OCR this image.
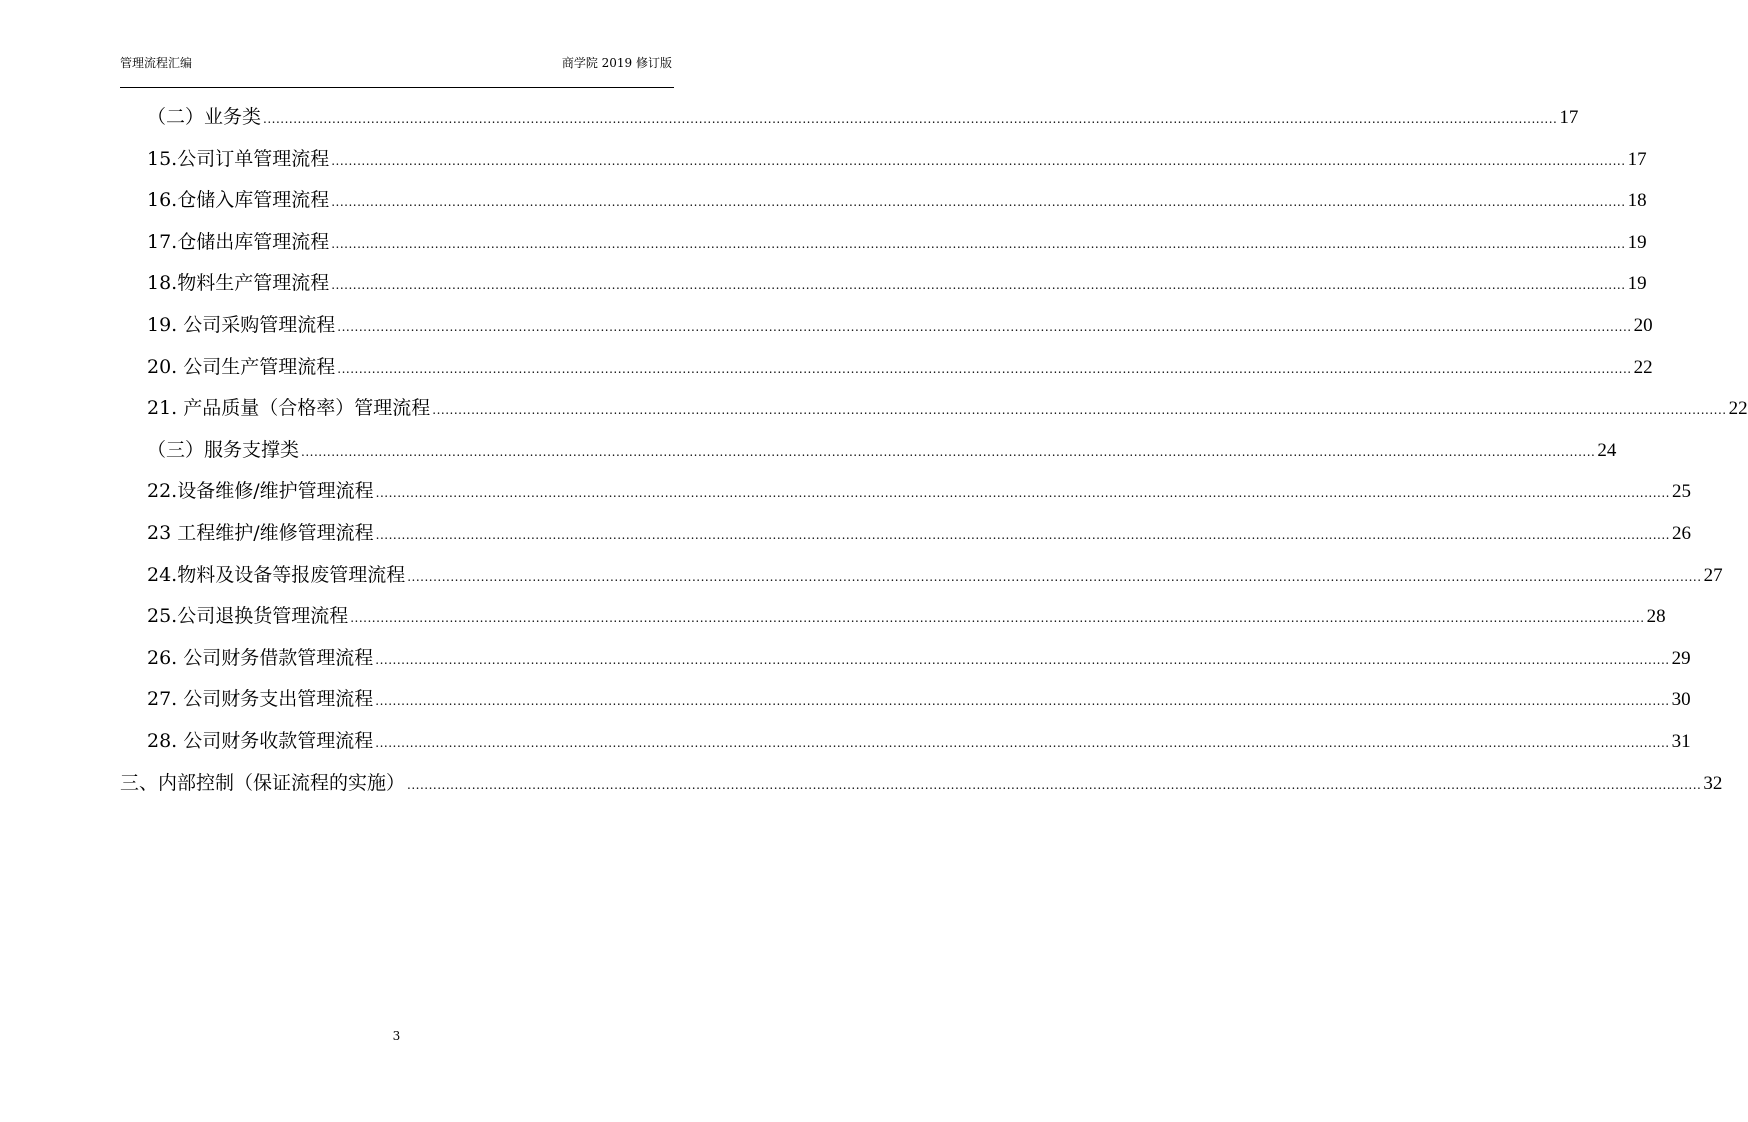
管理流程汇编	商学院 2019 修订版
（二）业务类 ............................................................................................................................................................................................................................................................................................................ 17
15.公司订单管理流程 ............................................................................................................................................................................................................................................................................................................ 17
16.仓储入库管理流程 ............................................................................................................................................................................................................................................................................................................ 18
17.仓储出库管理流程 ............................................................................................................................................................................................................................................................................................................ 19
18.物料生产管理流程 ............................................................................................................................................................................................................................................................................................................ 19
19. 公司采购管理流程 ............................................................................................................................................................................................................................................................................................................ 20
20. 公司生产管理流程 ............................................................................................................................................................................................................................................................................................................ 22
21. 产品质量（合格率）管理流程 ............................................................................................................................................................................................................................................................................................................ 22
（三）服务支撑类 ............................................................................................................................................................................................................................................................................................................ 24
22.设备维修/维护管理流程 ............................................................................................................................................................................................................................................................................................................ 25
23 工程维护/维修管理流程 ............................................................................................................................................................................................................................................................................................................ 26
24.物料及设备等报废管理流程 ............................................................................................................................................................................................................................................................................................................ 27
25.公司退换货管理流程 ............................................................................................................................................................................................................................................................................................................ 28
26. 公司财务借款管理流程 ............................................................................................................................................................................................................................................................................................................ 29
27. 公司财务支出管理流程 ............................................................................................................................................................................................................................................................................................................ 30
28. 公司财务收款管理流程 ............................................................................................................................................................................................................................................................................................................ 31
三、内部控制（保证流程的实施） ............................................................................................................................................................................................................................................................................................................ 32
3
